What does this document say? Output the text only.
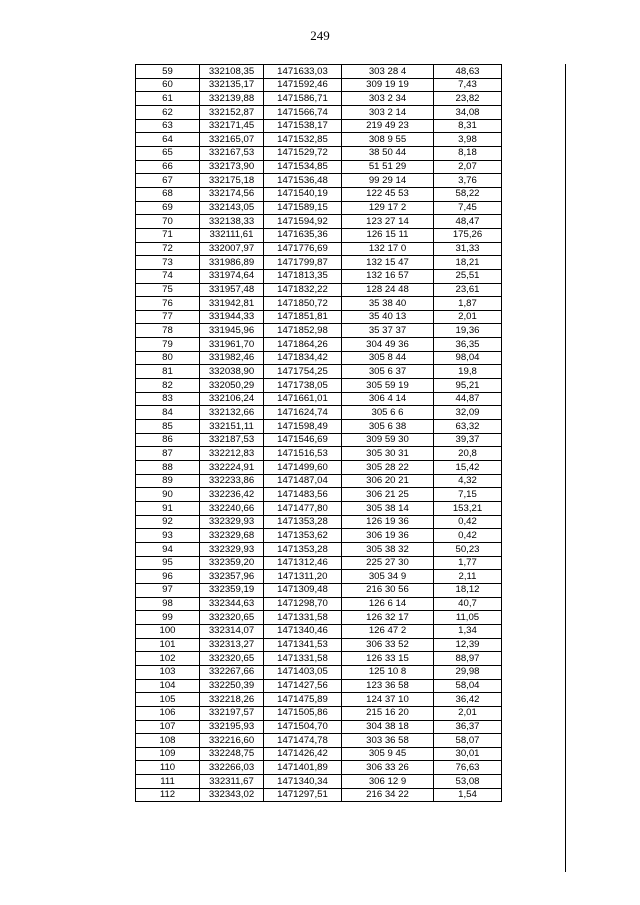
249
59	332108,35	1471633,03	303 28 4	48,63
60	332135,17	1471592,46	309 19 19	7,43
61	332139,88	1471586,71	303 2 34	23,82
62	332152,87	1471566,74	303 2 14	34,08
63	332171,45	1471538,17	219 49 23	8,31
64	332165,07	1471532,85	308 9 55	3,98
65	332167,53	1471529,72	38 50 44	8,18
66	332173,90	1471534,85	51 51 29	2,07
67	332175,18	1471536,48	99 29 14	3,76
68	332174,56	1471540,19	122 45 53	58,22
69	332143,05	1471589,15	129 17 2	7,45
70	332138,33	1471594,92	123 27 14	48,47
71	332111,61	1471635,36	126 15 11	175,26
72	332007,97	1471776,69	132 17 0	31,33
73	331986,89	1471799,87	132 15 47	18,21
74	331974,64	1471813,35	132 16 57	25,51
75	331957,48	1471832,22	128 24 48	23,61
76	331942,81	1471850,72	35 38 40	1,87
77	331944,33	1471851,81	35 40 13	2,01
78	331945,96	1471852,98	35 37 37	19,36
79	331961,70	1471864,26	304 49 36	36,35
80	331982,46	1471834,42	305 8 44	98,04
81	332038,90	1471754,25	305 6 37	19,8
82	332050,29	1471738,05	305 59 19	95,21
83	332106,24	1471661,01	306 4 14	44,87
84	332132,66	1471624,74	305 6 6	32,09
85	332151,11	1471598,49	305 6 38	63,32
86	332187,53	1471546,69	309 59 30	39,37
87	332212,83	1471516,53	305 30 31	20,8
88	332224,91	1471499,60	305 28 22	15,42
89	332233,86	1471487,04	306 20 21	4,32
90	332236,42	1471483,56	306 21 25	7,15
91	332240,66	1471477,80	305 38 14	153,21
92	332329,93	1471353,28	126 19 36	0,42
93	332329,68	1471353,62	306 19 36	0,42
94	332329,93	1471353,28	305 38 32	50,23
95	332359,20	1471312,46	225 27 30	1,77
96	332357,96	1471311,20	305 34 9	2,11
97	332359,19	1471309,48	216 30 56	18,12
98	332344,63	1471298,70	126 6 14	40,7
99	332320,65	1471331,58	126 32 17	11,05
100	332314,07	1471340,46	126 47 2	1,34
101	332313,27	1471341,53	306 33 52	12,39
102	332320,65	1471331,58	126 33 15	88,97
103	332267,66	1471403,05	125 10 8	29,98
104	332250,39	1471427,56	123 36 58	58,04
105	332218,26	1471475,89	124 37 10	36,42
106	332197,57	1471505,86	215 16 20	2,01
107	332195,93	1471504,70	304 38 18	36,37
108	332216,60	1471474,78	303 36 58	58,07
109	332248,75	1471426,42	305 9 45	30,01
110	332266,03	1471401,89	306 33 26	76,63
111	332311,67	1471340,34	306 12 9	53,08
112	332343,02	1471297,51	216 34 22	1,54
